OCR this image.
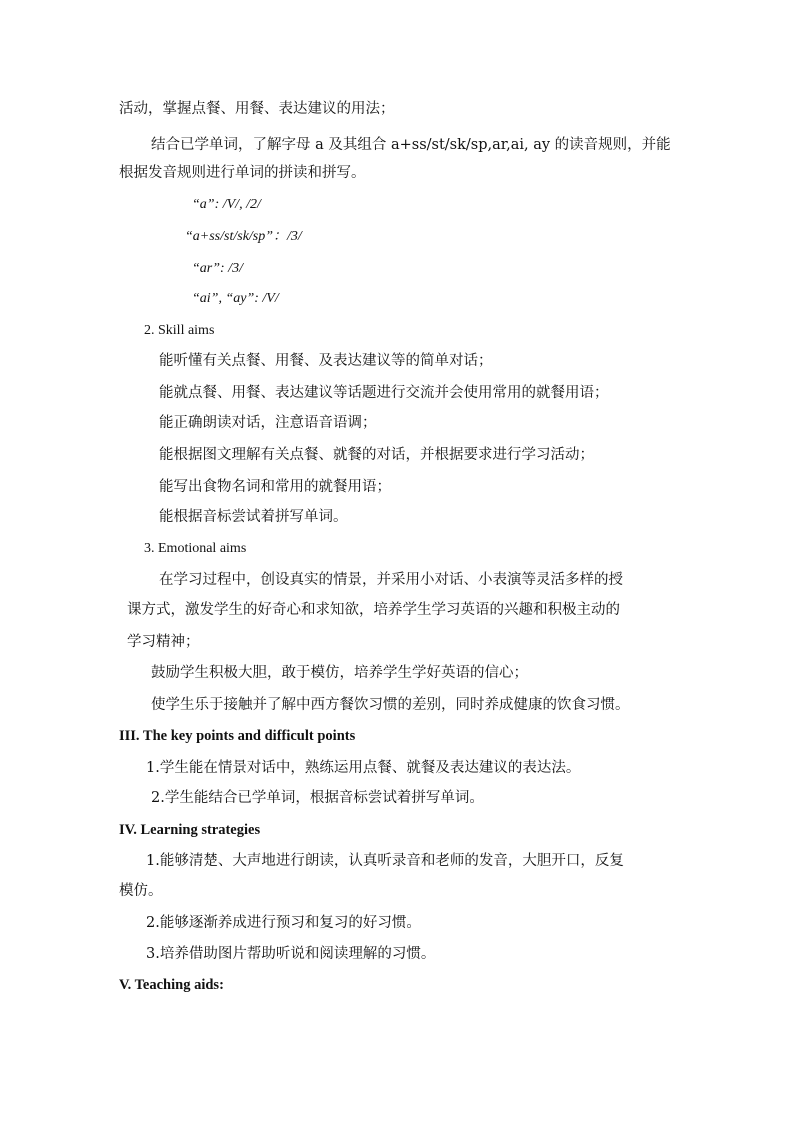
活动，掌握点餐、用餐、表达建议的用法；
结合已学单词，了解字母 a 及其组合 a+ss/st/sk/sp,ar,ai, ay 的读音规则，并能
根据发音规则进行单词的拼读和拼写。
“a”: /V/, /2/
“a+ss/st/sk/sp”：/3/
“ar”: /3/
“ai”, “ay”: /V/
2. Skill aims
能听懂有关点餐、用餐、及表达建议等的简单对话；
能就点餐、用餐、表达建议等话题进行交流并会使用常用的就餐用语；
能正确朗读对话，注意语音语调；
能根据图文理解有关点餐、就餐的对话，并根据要求进行学习活动；
能写出食物名词和常用的就餐用语；
能根据音标尝试着拼写单词。
3. Emotional aims
在学习过程中，创设真实的情景，并采用小对话、小表演等灵活多样的授
课方式，激发学生的好奇心和求知欲，培养学生学习英语的兴趣和积极主动的
学习精神；
鼓励学生积极大胆，敢于模仿，培养学生学好英语的信心；
使学生乐于接触并了解中西方餐饮习惯的差别，同时养成健康的饮食习惯。
III. The key points and difficult points
1.学生能在情景对话中，熟练运用点餐、就餐及表达建议的表达法。
2.学生能结合已学单词，根据音标尝试着拼写单词。
IV. Learning strategies
1.能够清楚、大声地进行朗读，认真听录音和老师的发音，大胆开口，反复
模仿。
2.能够逐渐养成进行预习和复习的好习惯。
3.培养借助图片帮助听说和阅读理解的习惯。
V. Teaching aids:
